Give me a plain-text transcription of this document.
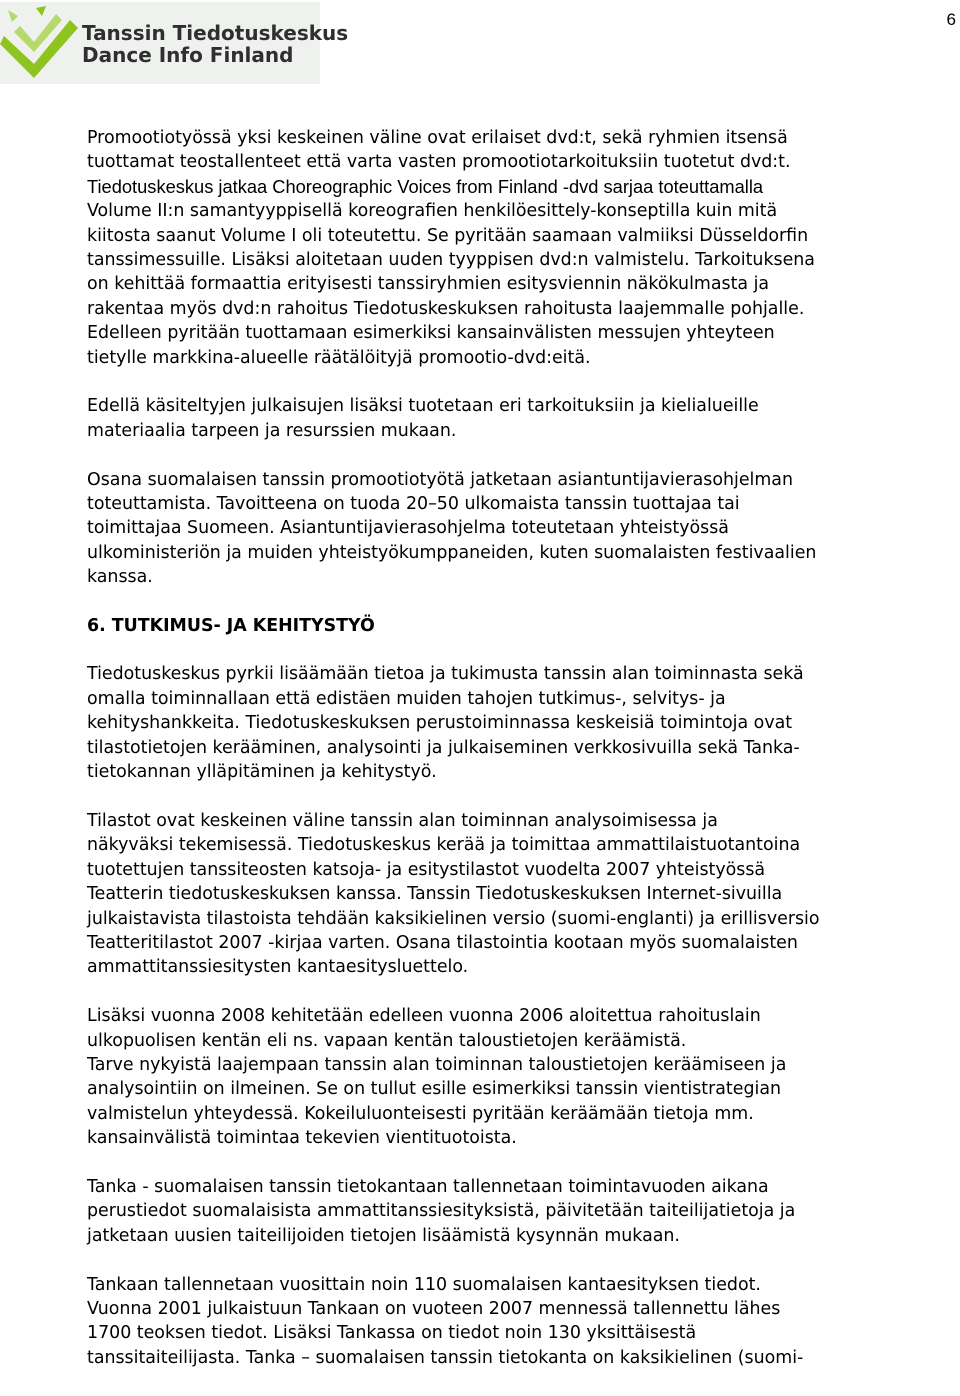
Tanssin Tiedotuskeskus
Dance Info Finland
6

Promootiotyössä yksi keskeinen väline ovat erilaiset dvd:t, sekä ryhmien itsensä
tuottamat teostallenteet että varta vasten promootiotarkoituksiin tuotetut dvd:t.
Tiedotuskeskus jatkaa Choreographic Voices from Finland -dvd sarjaa toteuttamalla
Volume II:n samantyyppisellä koreografien henkilöesittely-konseptilla kuin mitä
kiitosta saanut Volume I oli toteutettu. Se pyritään saamaan valmiiksi Düsseldorfin
tanssimessuille. Lisäksi aloitetaan uuden tyyppisen dvd:n valmistelu. Tarkoituksena
on kehittää formaattia erityisesti tanssiryhmien esitysviennin näkökulmasta ja
rakentaa myös dvd:n rahoitus Tiedotuskeskuksen rahoitusta laajemmalle pohjalle.
Edelleen pyritään tuottamaan esimerkiksi kansainvälisten messujen yhteyteen
tietylle markkina-alueelle räätälöityjä promootio-dvd:eitä.

Edellä käsiteltyjen julkaisujen lisäksi tuotetaan eri tarkoituksiin ja kielialueille
materiaalia tarpeen ja resurssien mukaan.

Osana suomalaisen tanssin promootiotyötä jatketaan asiantuntijavierasohjelman
toteuttamista. Tavoitteena on tuoda 20–50 ulkomaista tanssin tuottajaa tai
toimittajaa Suomeen. Asiantuntijavierasohjelma toteutetaan yhteistyössä
ulkoministeriön ja muiden yhteistyökumppaneiden, kuten suomalaisten festivaalien
kanssa.

6. TUTKIMUS- JA KEHITYSTYÖ

Tiedotuskeskus pyrkii lisäämään tietoa ja tukimusta tanssin alan toiminnasta sekä
omalla toiminnallaan että edistäen muiden tahojen tutkimus-, selvitys- ja
kehityshankkeita. Tiedotuskeskuksen perustoiminnassa keskeisiä toimintoja ovat
tilastotietojen kerääminen, analysointi ja julkaiseminen verkkosivuilla sekä Tanka-
tietokannan ylläpitäminen ja kehitystyö.

Tilastot ovat keskeinen väline tanssin alan toiminnan analysoimisessa ja
näkyväksi tekemisessä. Tiedotuskeskus kerää ja toimittaa ammattilaistuotantoina
tuotettujen tanssiteosten katsoja- ja esitystilastot vuodelta 2007 yhteistyössä
Teatterin tiedotuskeskuksen kanssa. Tanssin Tiedotuskeskuksen Internet-sivuilla
julkaistavista tilastoista tehdään kaksikielinen versio (suomi-englanti) ja erillisversio
Teatteritilastot 2007 -kirjaa varten. Osana tilastointia kootaan myös suomalaisten
ammattitanssiesitysten kantaesitysluettelo.

Lisäksi vuonna 2008 kehitetään edelleen vuonna 2006 aloitettua rahoituslain
ulkopuolisen kentän eli ns. vapaan kentän taloustietojen keräämistä.
Tarve nykyistä laajempaan tanssin alan toiminnan taloustietojen keräämiseen ja
analysointiin on ilmeinen. Se on tullut esille esimerkiksi tanssin vientistrategian
valmistelun yhteydessä. Kokeiluluonteisesti pyritään keräämään tietoja mm.
kansainvälistä toimintaa tekevien vientituotoista.

Tanka - suomalaisen tanssin tietokantaan tallennetaan toimintavuoden aikana
perustiedot suomalaisista ammattitanssiesityksistä, päivitetään taiteilijatietoja ja
jatketaan uusien taiteilijoiden tietojen lisäämistä kysynnän mukaan.

Tankaan tallennetaan vuosittain noin 110 suomalaisen kantaesityksen tiedot.
Vuonna 2001 julkaistuun Tankaan on vuoteen 2007 mennessä tallennettu lähes
1700 teoksen tiedot. Lisäksi Tankassa on tiedot noin 130 yksittäisestä
tanssitaiteilijasta. Tanka – suomalaisen tanssin tietokanta on kaksikielinen (suomi-
